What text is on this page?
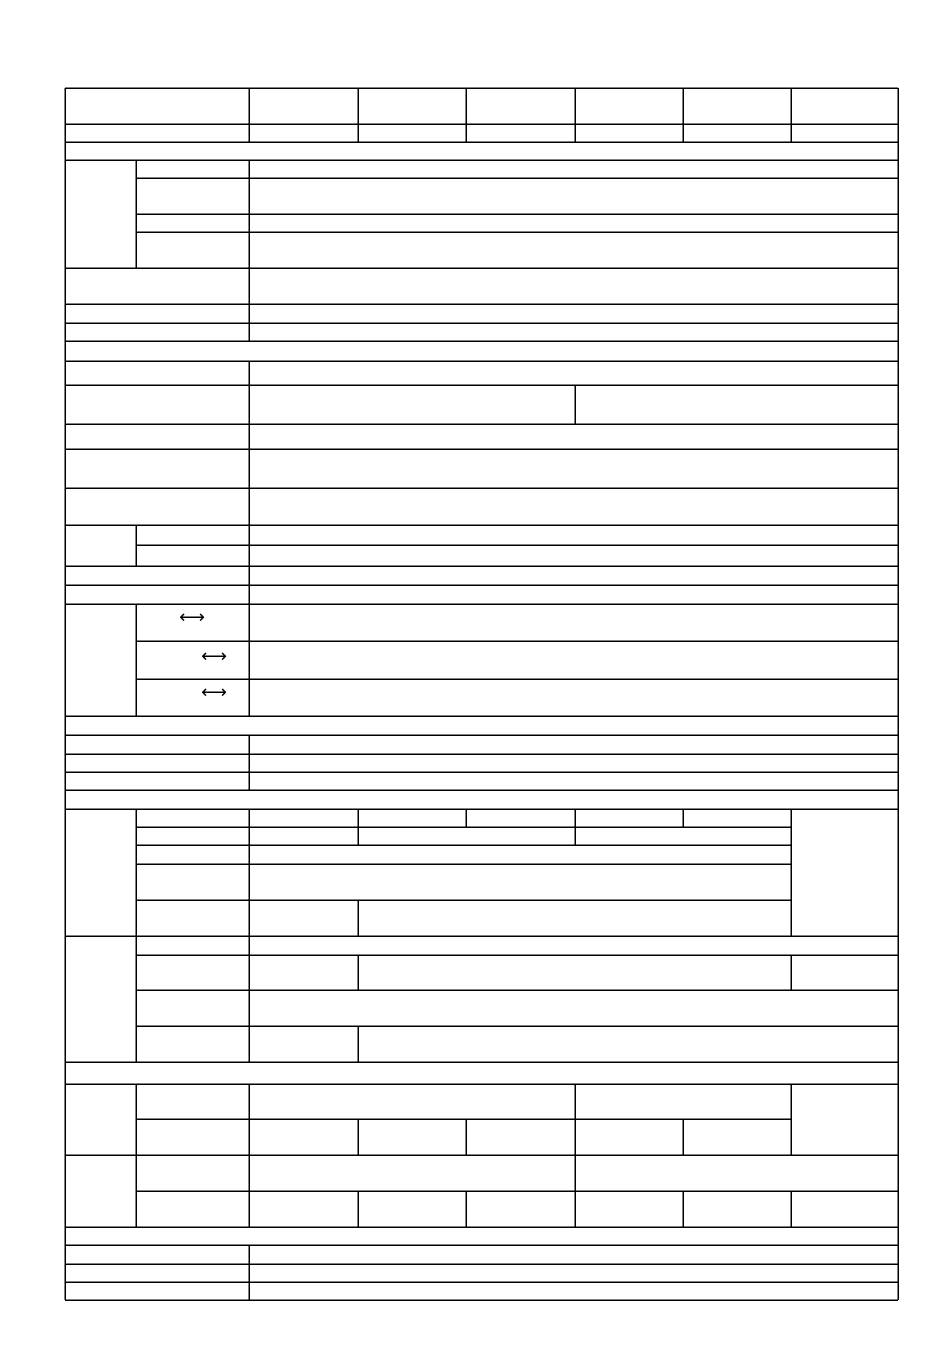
⟷
⟷
⟷
